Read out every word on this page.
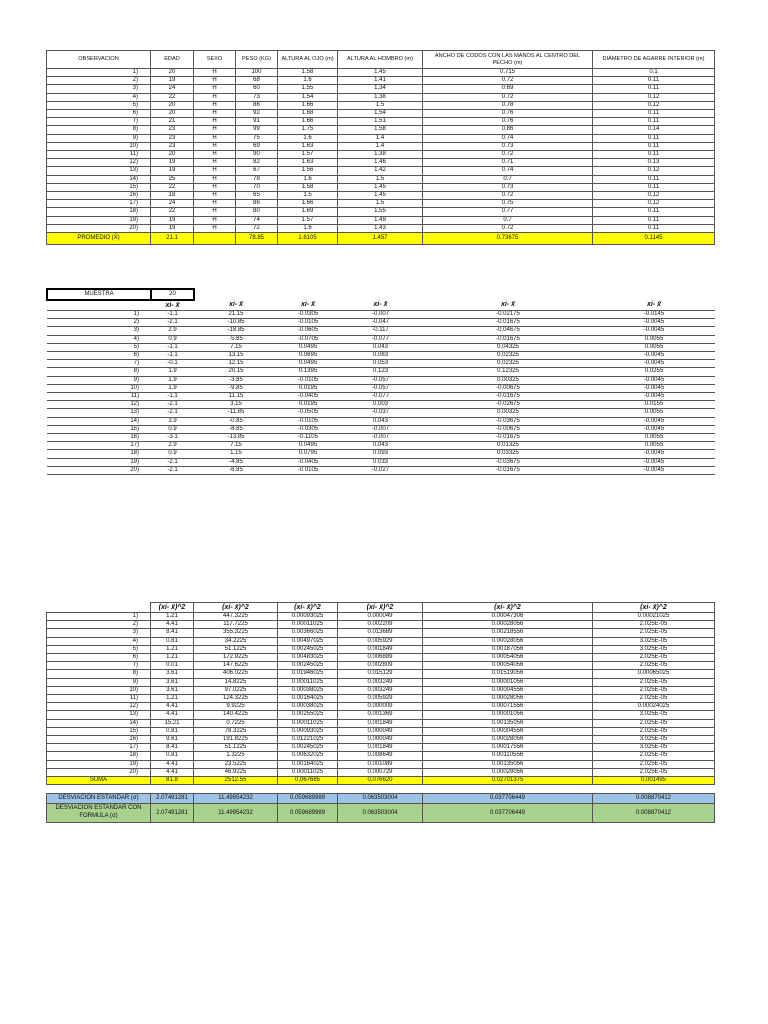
OBSERVACION	EDAD	SEXO	PESO (KG)	ALTURA AL OJO (m)	ALTURA AL HOMBRO (m)	ANCHO DE CODOS CON LAS MANOS AL CENTRO DEL PECHO (m)	DIÁMETRO DE AGARRE INTERIOR (m)
1)	20	H	100	1.58	1.45	0.715	0.1
2)	19	H	68	1.6	1.41	0.72	0.11
3)	24	H	60	1.55	1.34	0.69	0.11
4)	22	H	73	1.54	1.38	0.72	0.12
5)	20	H	86	1.66	1.5	0.78	0.12
6)	20	H	92	1.68	1.54	0.76	0.11
7)	21	H	91	1.66	1.51	0.76	0.11
8)	23	H	99	1.75	1.58	0.86	0.14
9)	23	H	75	1.6	1.4	0.74	0.11
10)	23	H	69	1.63	1.4	0.73	0.11
11)	20	H	90	1.57	1.38	0.72	0.11
12)	19	H	82	1.63	1.46	0.71	0.13
13)	19	H	67	1.56	1.42	0.74	0.12
14)	25	H	78	1.6	1.5	0.7	0.11
15)	22	H	70	1.58	1.45	0.73	0.11
16)	18	H	65	1.5	1.45	0.72	0.12
17)	24	H	86	1.66	1.5	0.75	0.12
18)	22	H	80	1.69	1.55	0.77	0.11
19)	19	H	74	1.57	1.49	0.7	0.11
20)	19	H	72	1.6	1.43	0.72	0.11
PROMEDIO (X̄)	21.1		78.85	1.6105	1.457	0.73675	0.1145
MUESTRA	20					
	xi- x̄	xi- x̄	xi- x̄	xi- x̄	xi- x̄	xi- x̄
1)	-1.1	21.15	-0.0305	-0.007	-0.02175	-0.0145
2)	-2.1	-10.85	-0.0105	-0.047	-0.01675	-0.0045
3)	2.9	-18.85	-0.0605	-0.117	-0.04675	-0.0045
4)	0.9	-5.85	-0.0705	-0.077	-0.01675	0.0055
5)	-1.1	7.15	0.0495	0.043	0.04325	0.0055
6)	-1.1	13.15	0.0695	0.083	0.02325	-0.0045
7)	-0.1	12.15	0.0495	0.053	0.02325	-0.0045
8)	1.9	20.15	0.1395	0.123	0.12325	0.0255
9)	1.9	-3.85	-0.0105	-0.057	0.00325	-0.0045
10)	1.9	-9.85	0.0195	-0.057	-0.00675	-0.0045
11)	-1.1	11.15	-0.0405	-0.077	-0.01675	-0.0045
12)	-2.1	3.15	0.0195	0.003	-0.02675	0.0155
13)	-2.1	-11.85	-0.0505	-0.037	0.00325	0.0055
14)	3.9	-0.85	-0.0105	0.043	-0.03675	-0.0045
15)	0.9	-8.85	-0.0305	-0.007	-0.00675	-0.0045
16)	-3.1	-13.85	-0.1105	-0.007	-0.01675	0.0055
17)	2.9	7.15	0.0495	0.043	0.01325	0.0055
18)	0.9	1.15	0.0795	0.093	0.03325	-0.0045
19)	-2.1	-4.85	-0.0405	0.033	-0.03675	-0.0045
20)	-2.1	-6.85	-0.0105	-0.027	-0.01675	-0.0045
	(xi- x̄)^2	(xi- x̄)^2	(xi- x̄)^2	(xi- x̄)^2	(xi- x̄)^2	(xi- x̄)^2
1)	1.21	447.3225	0.00093025	0.000049	0.00047306	0.00021025
2)	4.41	117.7225	0.00011025	0.002209	0.00028056	2.025E-05
3)	8.41	355.3225	0.00366025	0.013689	0.00218556	2.025E-05
4)	0.81	34.2225	0.00497025	0.005929	0.00028056	3.025E-05
5)	1.21	51.1225	0.00245025	0.001849	0.00187056	3.025E-05
6)	1.21	172.9225	0.00483025	0.006889	0.00054056	2.025E-05
7)	0.01	147.6225	0.00245025	0.002809	0.00054056	2.025E-05
8)	3.61	406.0225	0.01946025	0.015129	0.01519056	0.00065025
9)	3.61	14.8225	0.00011025	0.003249	0.00001056	2.025E-05
10)	3.61	97.0225	0.00038025	0.003249	0.00004556	2.025E-05
11)	1.21	124.3225	0.00164025	0.005929	0.00028056	2.025E-05
12)	4.41	9.9225	0.00038025	0.000009	0.00071556	0.00024025
13)	4.41	140.4225	0.00255025	0.001369	0.00001056	3.025E-05
14)	15.21	0.7225	0.00011025	0.001849	0.00135056	2.025E-05
15)	0.81	78.3225	0.00093025	0.000049	0.00004556	2.025E-05
16)	9.61	191.8225	0.01221025	0.000049	0.00028056	3.025E-05
17)	8.41	51.1225	0.00245025	0.001849	0.00017556	3.025E-05
18)	0.81	1.3225	0.00632025	0.008649	0.00110556	2.025E-05
19)	4.41	23.5225	0.00164025	0.001089	0.00135056	2.025E-05
20)	4.41	46.9225	0.00011025	0.000729	0.00028056	2.025E-05
SUMA	81.8	2512.55	0.067685	0.076620	0.02701375	0.001495

DESVIACION ESTANDAR (σ)	2.07491281	11.49954232	0.059689989	0.063503004	0.037706449	0.008870412
DESVIACION ESTANDAR CON FORMULA (σ)	2.07491281	11.49954232	0.059689989	0.063503004	0.037706449	0.008870412
